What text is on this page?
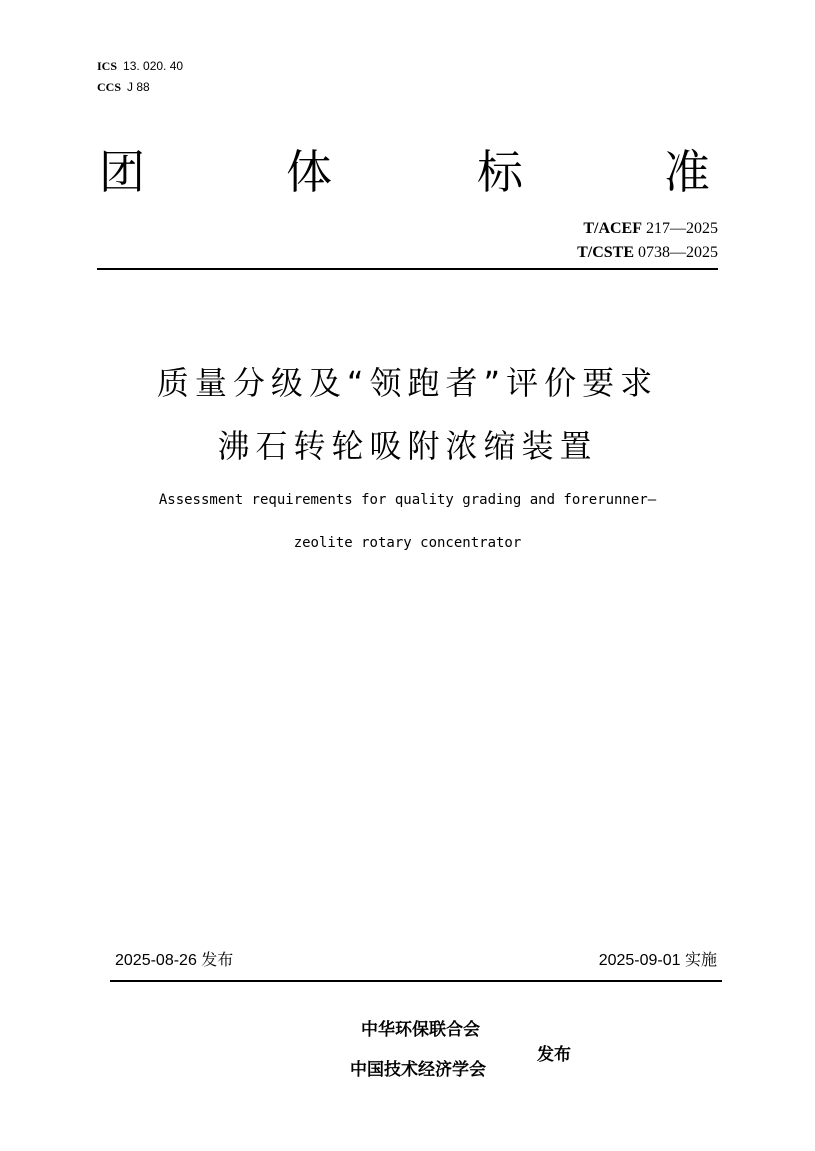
ICS 13. 020. 40
CCS J 88
团	体	标	准
T/ACEF 217—2025
T/CSTE 0738—2025
质量分级及“领跑者”评价要求
沸石转轮吸附浓缩装置
Assessment requirements for quality grading and forerunner—
zeolite rotary concentrator
2025-08-26 发布	2025-09-01 实施
中华环保联合会
中国技术经济学会
发布
